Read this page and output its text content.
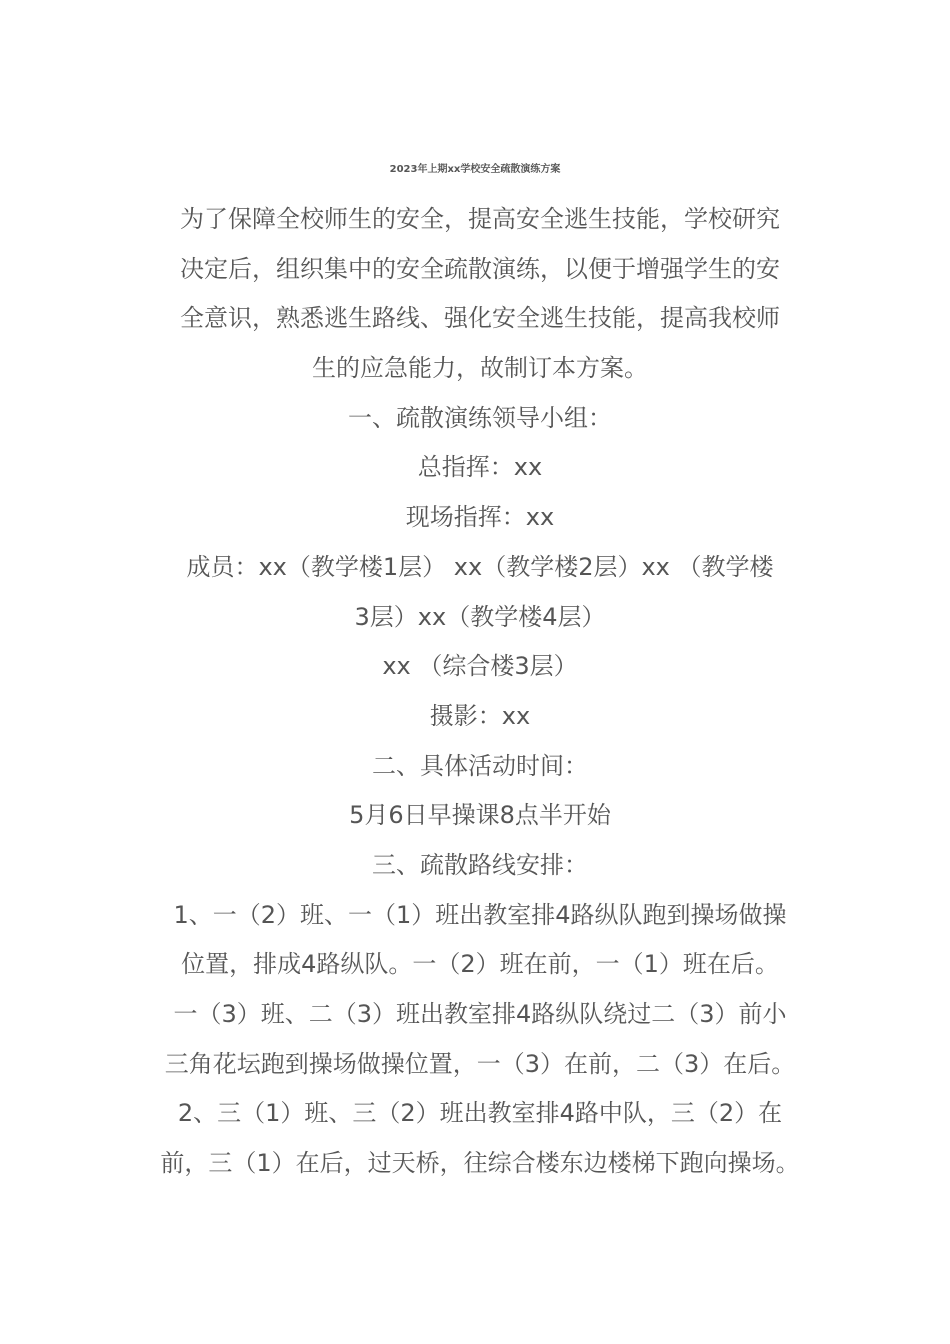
2023年上期xx学校安全疏散演练方案
为了保障全校师生的安全，提高安全逃生技能，学校研究
决定后，组织集中的安全疏散演练，以便于增强学生的安
全意识，熟悉逃生路线、强化安全逃生技能，提高我校师
生的应急能力，故制订本方案。
一、疏散演练领导小组：
总指挥：xx
现场指挥：xx
成员：xx（教学楼1层） xx（教学楼2层）xx （教学楼
3层）xx（教学楼4层）
xx （综合楼3层）
摄影：xx
二、具体活动时间：
5月6日早操课8点半开始
三、疏散路线安排：
1、一（2）班、一（1）班出教室排4路纵队跑到操场做操
位置，排成4路纵队。一（2）班在前，一（1）班在后。
一（3）班、二（3）班出教室排4路纵队绕过二（3）前小
三角花坛跑到操场做操位置，一（3）在前，二（3）在后。
2、三（1）班、三（2）班出教室排4路中队，三（2）在
前，三（1）在后，过天桥，往综合楼东边楼梯下跑向操场。
